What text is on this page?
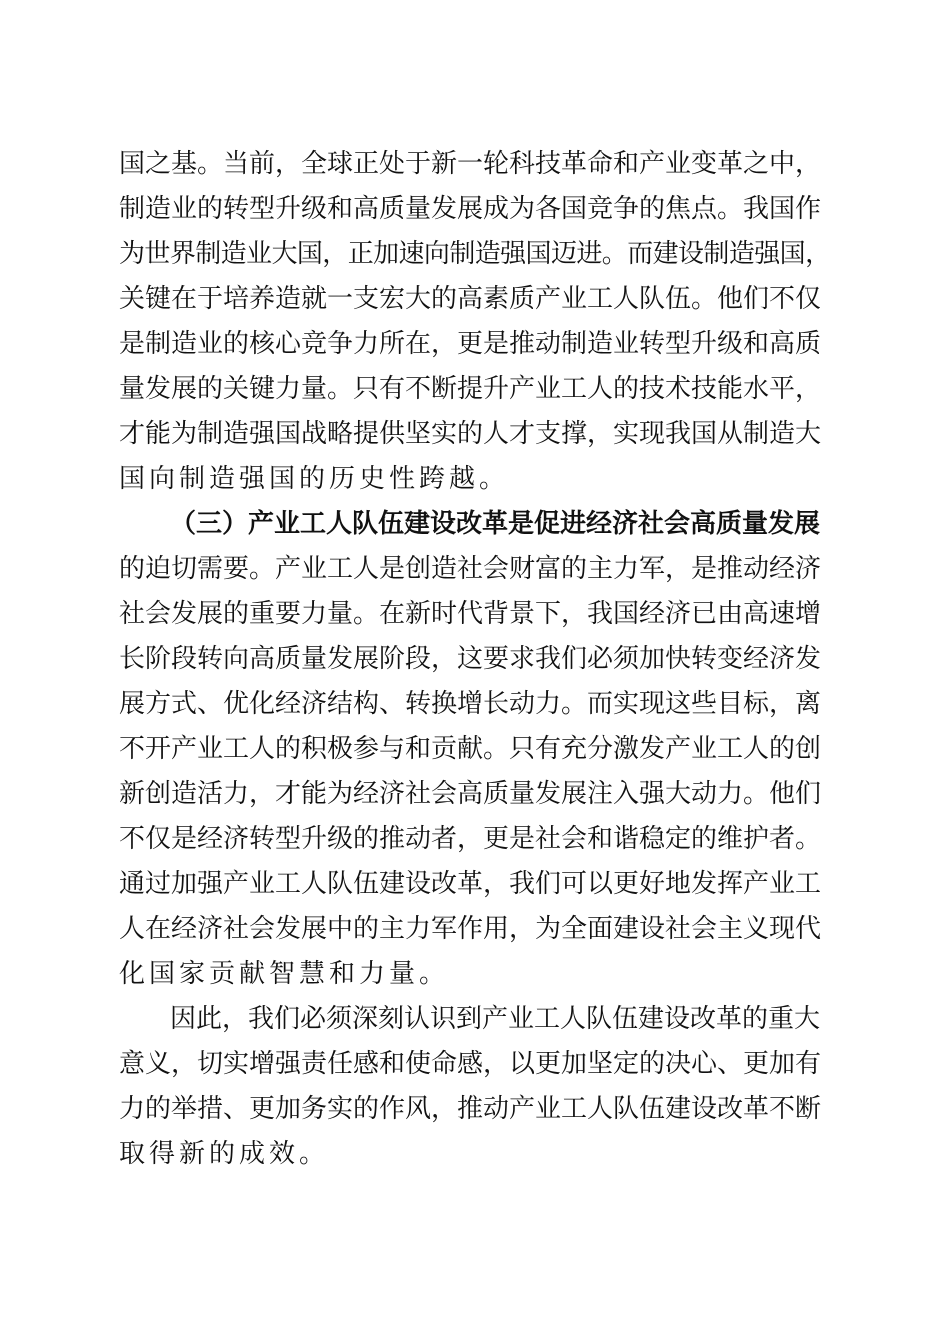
国之基。当前，全球正处于新一轮科技革命和产业变革之中，
制造业的转型升级和高质量发展成为各国竞争的焦点。我国作
为世界制造业大国，正加速向制造强国迈进。而建设制造强国，
关键在于培养造就一支宏大的高素质产业工人队伍。他们不仅
是制造业的核心竞争力所在，更是推动制造业转型升级和高质
量发展的关键力量。只有不断提升产业工人的技术技能水平，
才能为制造强国战略提供坚实的人才支撑，实现我国从制造大
国向制造强国的历史性跨越。
（三）产业工人队伍建设改革是促进经济社会高质量发展
的迫切需要。产业工人是创造社会财富的主力军，是推动经济
社会发展的重要力量。在新时代背景下，我国经济已由高速增
长阶段转向高质量发展阶段，这要求我们必须加快转变经济发
展方式、优化经济结构、转换增长动力。而实现这些目标，离
不开产业工人的积极参与和贡献。只有充分激发产业工人的创
新创造活力，才能为经济社会高质量发展注入强大动力。他们
不仅是经济转型升级的推动者，更是社会和谐稳定的维护者。
通过加强产业工人队伍建设改革，我们可以更好地发挥产业工
人在经济社会发展中的主力军作用，为全面建设社会主义现代
化国家贡献智慧和力量。
因此，我们必须深刻认识到产业工人队伍建设改革的重大
意义，切实增强责任感和使命感，以更加坚定的决心、更加有
力的举措、更加务实的作风，推动产业工人队伍建设改革不断
取得新的成效。
